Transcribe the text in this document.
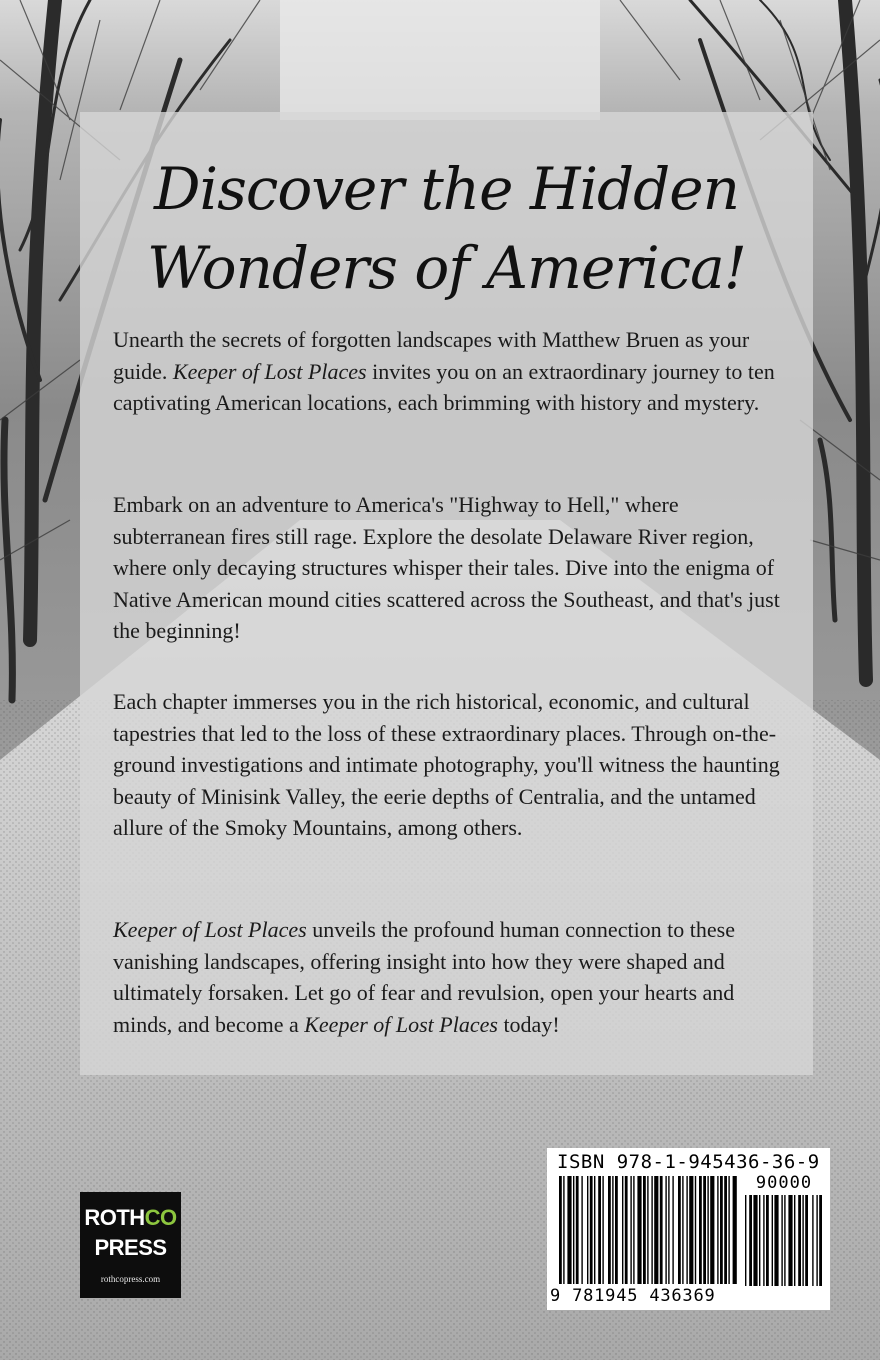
Discover the Hidden
Wonders of America!

Unearth the secrets of forgotten landscapes with Matthew Bruen as your guide. Keeper of Lost Places invites you on an extraordinary journey to ten captivating American locations, each brimming with history and mystery.

Embark on an adventure to America's "Highway to Hell," where subterranean fires still rage. Explore the desolate Delaware River region, where only decaying structures whisper their tales. Dive into the enigma of Native American mound cities scattered across the Southeast, and that's just the beginning!

Each chapter immerses you in the rich historical, economic, and cultural tapestries that led to the loss of these extraordinary places. Through on-the-ground investigations and intimate photography, you'll witness the haunting beauty of Minisink Valley, the eerie depths of Centralia, and the untamed allure of the Smoky Mountains, among others.

Keeper of Lost Places unveils the profound human connection to these vanishing landscapes, offering insight into how they were shaped and ultimately forsaken. Let go of fear and revulsion, open your hearts and minds, and become a Keeper of Lost Places today!

ROTHCO
PRESS
rothcopress.com
ISBN 978-1-945436-36-9
90000
9 781945 436369
